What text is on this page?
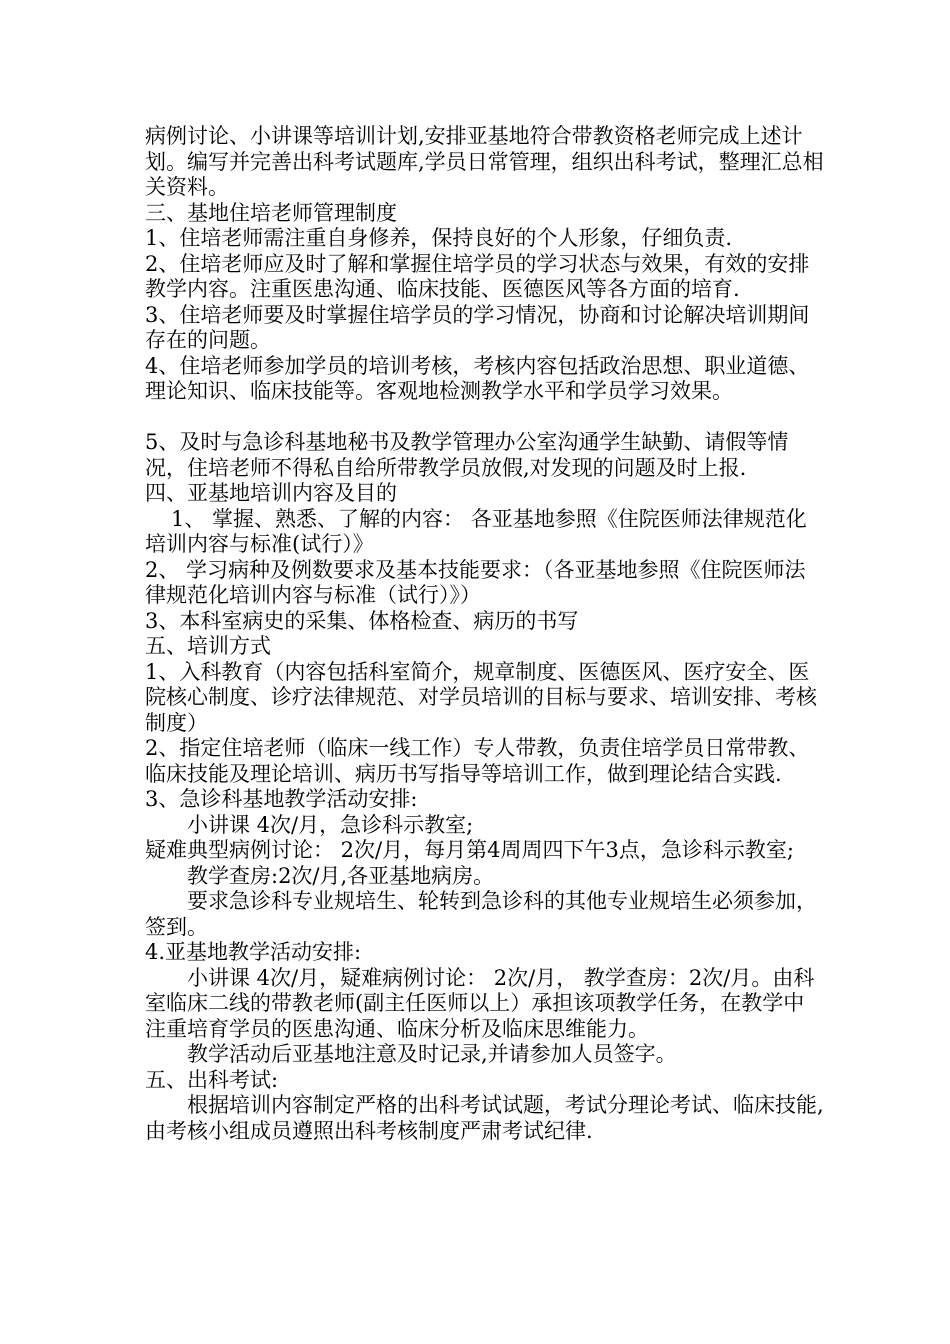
病例讨论、小讲课等培训计划,安排亚基地符合带教资格老师完成上述计划。编写并完善出科考试题库,学员日常管理，组织出科考试，整理汇总相关资料。

三、基地住培老师管理制度

1、住培老师需注重自身修养，保持良好的个人形象，仔细负责.

2、住培老师应及时了解和掌握住培学员的学习状态与效果，有效的安排教学内容。注重医患沟通、临床技能、医德医风等各方面的培育.

3、住培老师要及时掌握住培学员的学习情况，协商和讨论解决培训期间存在的问题。

4、住培老师参加学员的培训考核，考核内容包括政治思想、职业道德、理论知识、临床技能等。客观地检测教学水平和学员学习效果。

5、及时与急诊科基地秘书及教学管理办公室沟通学生缺勤、请假等情况，住培老师不得私自给所带教学员放假,对发现的问题及时上报.

四、亚基地培训内容及目的

1、 掌握、熟悉、了解的内容： 各亚基地参照《住院医师法律规范化培训内容与标准(试行）》

2、 学习病种及例数要求及基本技能要求：（各亚基地参照《住院医师法律规范化培训内容与标准（试行）》）

3、本科室病史的采集、体格检查、病历的书写

五、培训方式

1、入科教育（内容包括科室简介，规章制度、医德医风、医疗安全、医院核心制度、诊疗法律规范、对学员培训的目标与要求、培训安排、考核制度）

2、指定住培老师（临床一线工作）专人带教，负责住培学员日常带教、临床技能及理论培训、病历书写指导等培训工作，做到理论结合实践.

3、急诊科基地教学活动安排:

小讲课 4次/月，急诊科示教室;

疑难典型病例讨论： 2次/月，每月第4周周四下午3点，急诊科示教室;

教学查房:2次/月,各亚基地病房。

要求急诊科专业规培生、轮转到急诊科的其他专业规培生必须参加，签到。

4.亚基地教学活动安排:

小讲课 4次/月，疑难病例讨论： 2次/月， 教学查房：2次/月。由科室临床二线的带教老师(副主任医师以上）承担该项教学任务，在教学中注重培育学员的医患沟通、临床分析及临床思维能力。

教学活动后亚基地注意及时记录,并请参加人员签字。

五、出科考试:

根据培训内容制定严格的出科考试试题，考试分理论考试、临床技能,由考核小组成员遵照出科考核制度严肃考试纪律.
